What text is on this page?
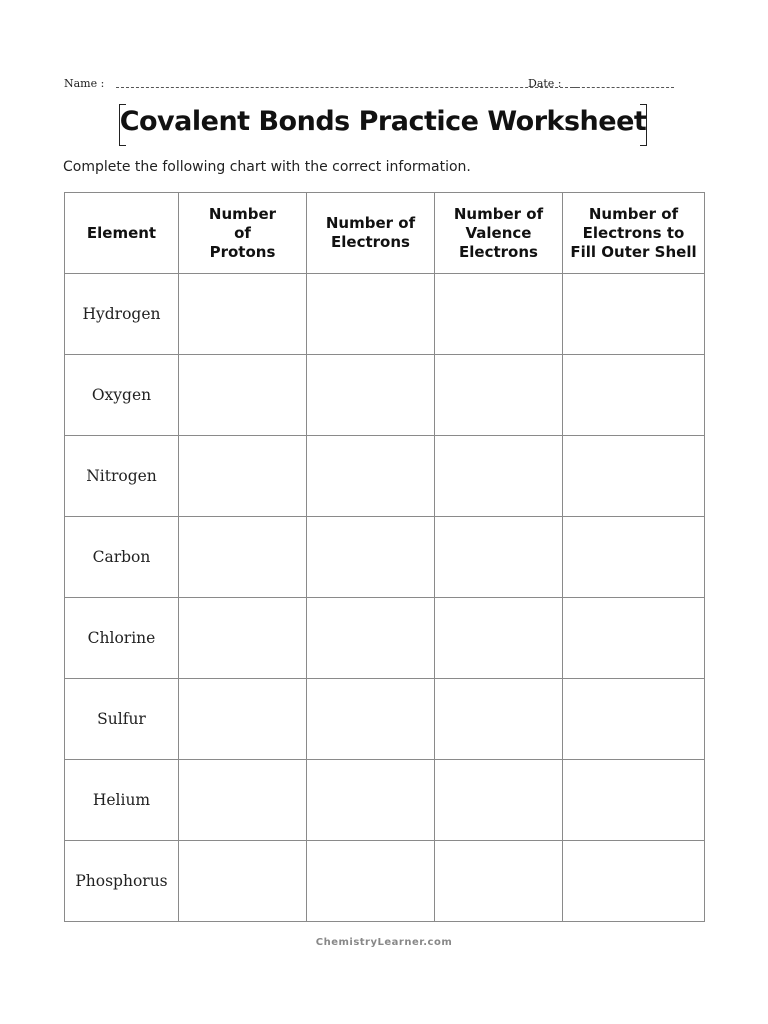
Name :	Date :
Covalent Bonds Practice Worksheet
Complete the following chart with the correct information.
Element	Number of Protons	Number of Electrons	Number of Valence Electrons	Number of Electrons to Fill Outer Shell
Hydrogen				
Oxygen				
Nitrogen				
Carbon				
Chlorine				
Sulfur				
Helium				
Phosphorus				
ChemistryLearner.com
